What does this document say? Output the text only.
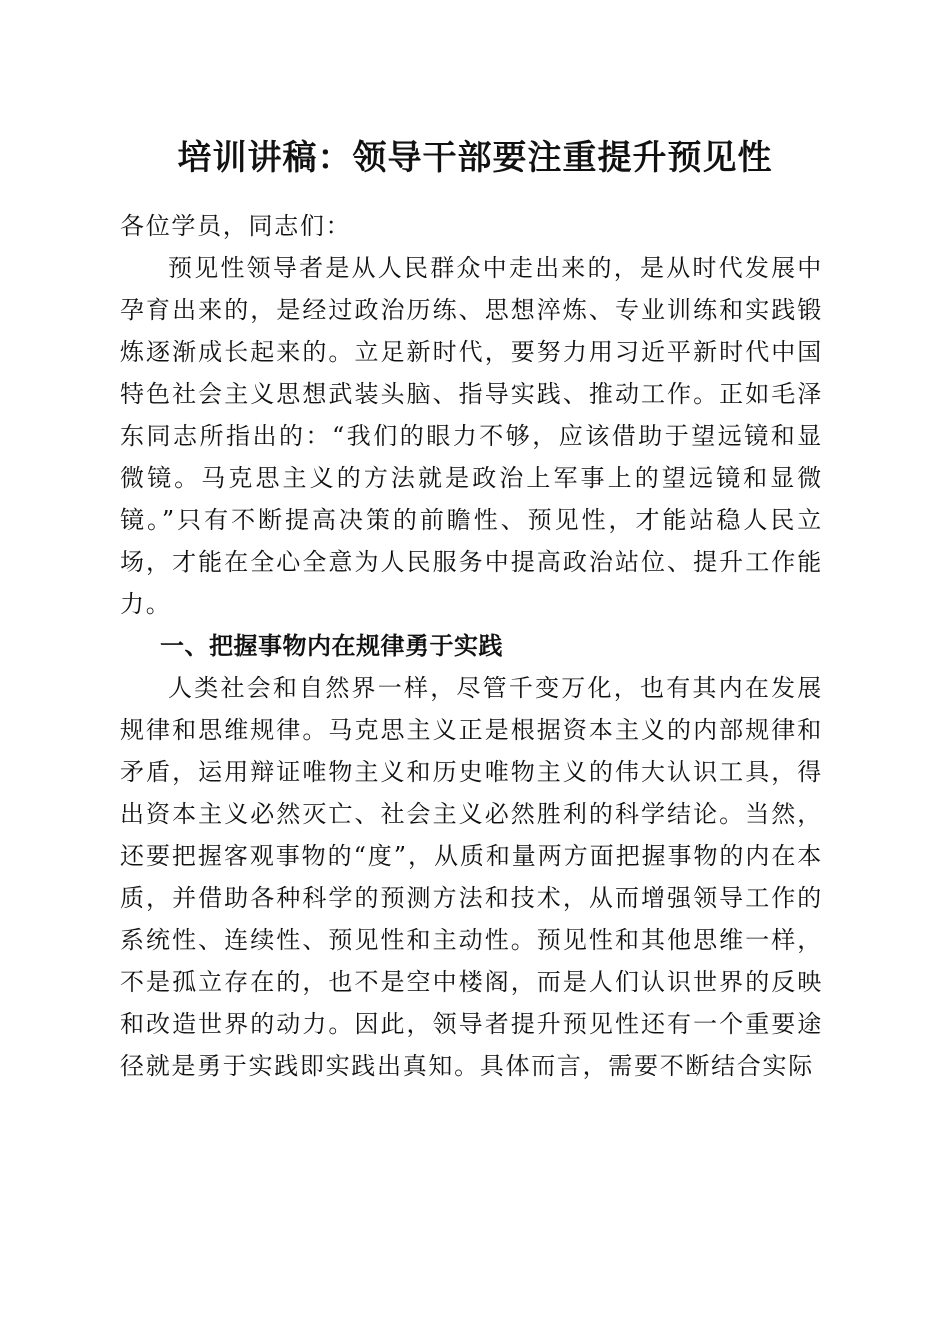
培训讲稿：领导干部要注重提升预见性

各位学员，同志们：

预见性领导者是从人民群众中走出来的，是从时代发展中孕育出来的，是经过政治历练、思想淬炼、专业训练和实践锻炼逐渐成长起来的。立足新时代，要努力用习近平新时代中国特色社会主义思想武装头脑、指导实践、推动工作。正如毛泽东同志所指出的：“我们的眼力不够，应该借助于望远镜和显微镜。马克思主义的方法就是政治上军事上的望远镜和显微镜。”只有不断提高决策的前瞻性、预见性，才能站稳人民立场，才能在全心全意为人民服务中提高政治站位、提升工作能力。

一、把握事物内在规律勇于实践

人类社会和自然界一样，尽管千变万化，也有其内在发展规律和思维规律。马克思主义正是根据资本主义的内部规律和矛盾，运用辩证唯物主义和历史唯物主义的伟大认识工具，得出资本主义必然灭亡、社会主义必然胜利的科学结论。当然，还要把握客观事物的“度”，从质和量两方面把握事物的内在本质，并借助各种科学的预测方法和技术，从而增强领导工作的系统性、连续性、预见性和主动性。预见性和其他思维一样，不是孤立存在的，也不是空中楼阁，而是人们认识世界的反映和改造世界的动力。因此，领导者提升预见性还有一个重要途径就是勇于实践即实践出真知。具体而言，需要不断结合实际
